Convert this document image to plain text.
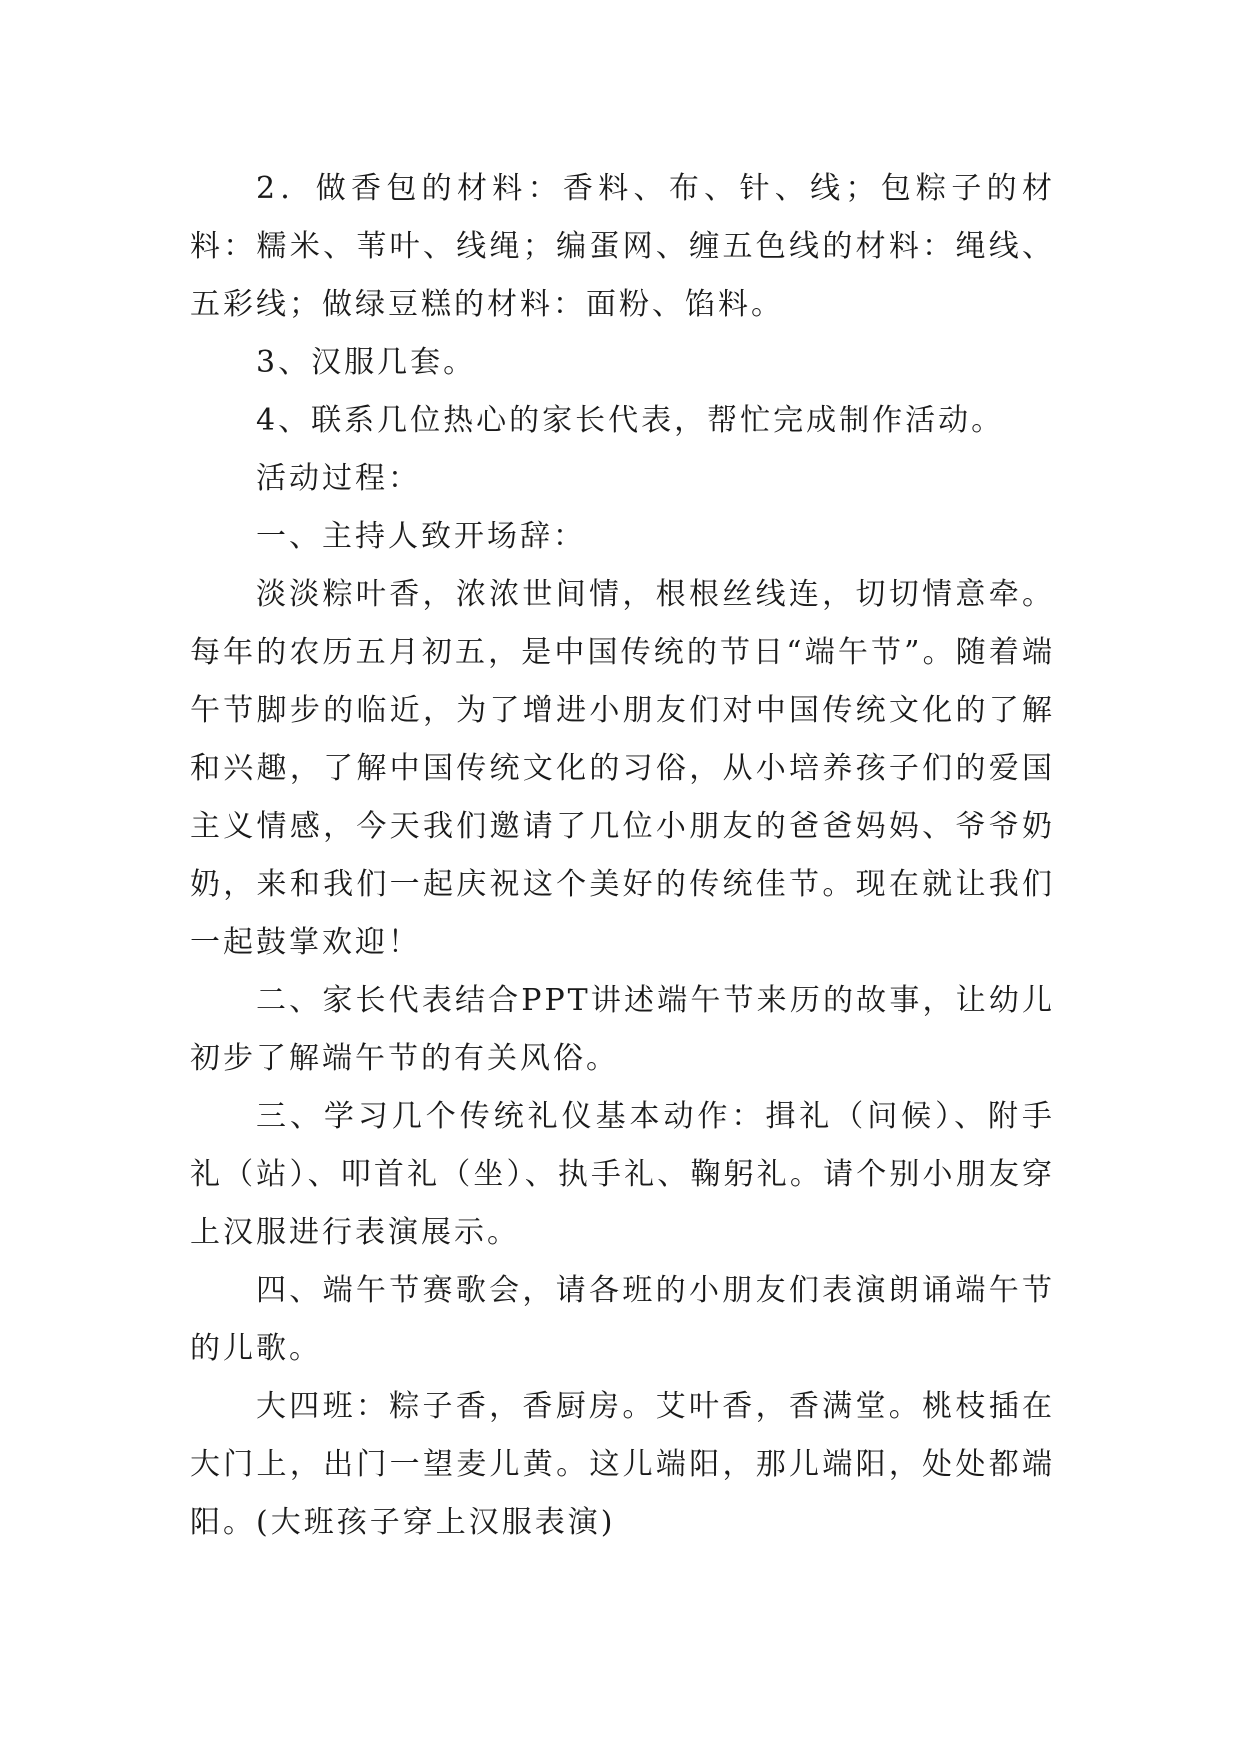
2．做香包的材料：香料、布、针、线；包粽子的材料：糯米、苇叶、线绳；编蛋网、缠五色线的材料：绳线、五彩线；做绿豆糕的材料：面粉、馅料。

3、汉服几套。

4、联系几位热心的家长代表，帮忙完成制作活动。

活动过程：

一、主持人致开场辞：

淡淡粽叶香，浓浓世间情，根根丝线连，切切情意牵。每年的农历五月初五，是中国传统的节日“端午节”。随着端午节脚步的临近，为了增进小朋友们对中国传统文化的了解和兴趣，了解中国传统文化的习俗，从小培养孩子们的爱国主义情感，今天我们邀请了几位小朋友的爸爸妈妈、爷爷奶奶，来和我们一起庆祝这个美好的传统佳节。现在就让我们一起鼓掌欢迎！

二、家长代表结合PPT讲述端午节来历的故事，让幼儿初步了解端午节的有关风俗。

三、学习几个传统礼仪基本动作：揖礼（问候）、附手礼（站）、叩首礼（坐）、执手礼、鞠躬礼。请个别小朋友穿上汉服进行表演展示。

四、端午节赛歌会，请各班的小朋友们表演朗诵端午节的儿歌。

大四班：粽子香，香厨房。艾叶香，香满堂。桃枝插在大门上，出门一望麦儿黄。这儿端阳，那儿端阳，处处都端阳。(大班孩子穿上汉服表演)
